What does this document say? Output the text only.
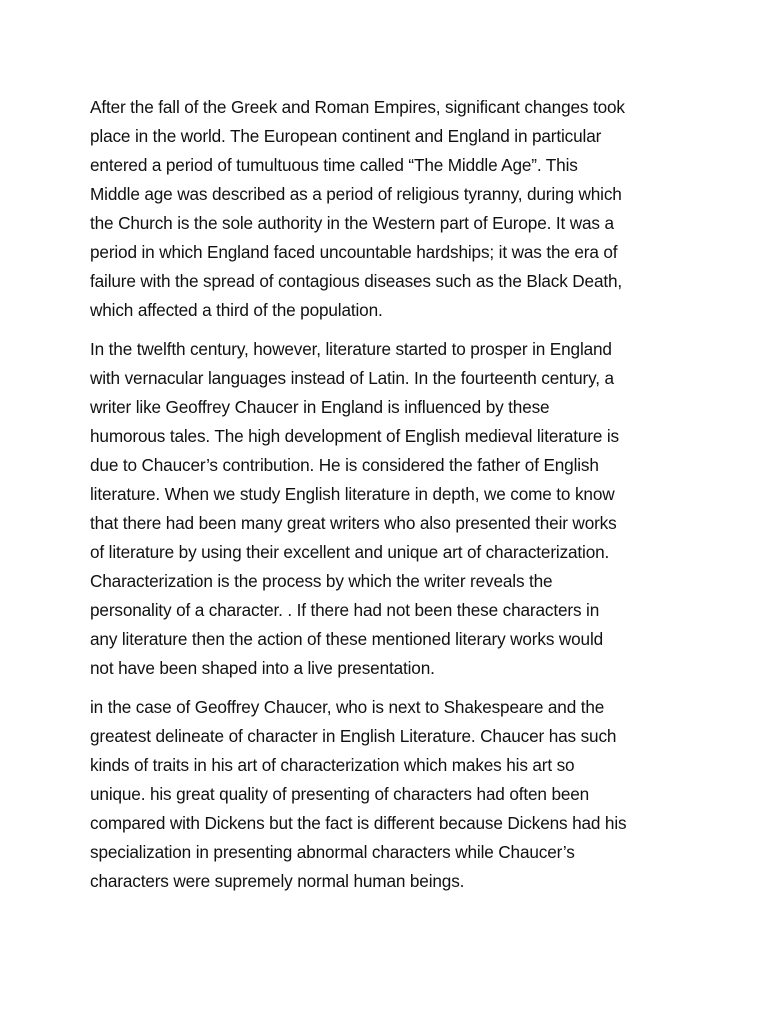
After the fall of the Greek and Roman Empires, significant changes took
place in the world. The European continent and England in particular
entered a period of tumultuous time called “The Middle Age”. This
Middle age was described as a period of religious tyranny, during which
the Church is the sole authority in the Western part of Europe. It was a
period in which England faced uncountable hardships; it was the era of
failure with the spread of contagious diseases such as the Black Death,
which affected a third of the population.

In the twelfth century, however, literature started to prosper in England
with vernacular languages instead of Latin. In the fourteenth century, a
writer like Geoffrey Chaucer in England is influenced by these
humorous tales. The high development of English medieval literature is
due to Chaucer’s contribution. He is considered the father of English
literature. When we study English literature in depth, we come to know
that there had been many great writers who also presented their works
of literature by using their excellent and unique art of characterization.
Characterization is the process by which the writer reveals the
personality of a character. . If there had not been these characters in
any literature then the action of these mentioned literary works would
not have been shaped into a live presentation.

in the case of Geoffrey Chaucer, who is next to Shakespeare and the
greatest delineate of character in English Literature. Chaucer has such
kinds of traits in his art of characterization which makes his art so
unique. his great quality of presenting of characters had often been
compared with Dickens but the fact is different because Dickens had his
specialization in presenting abnormal characters while Chaucer’s
characters were supremely normal human beings.
